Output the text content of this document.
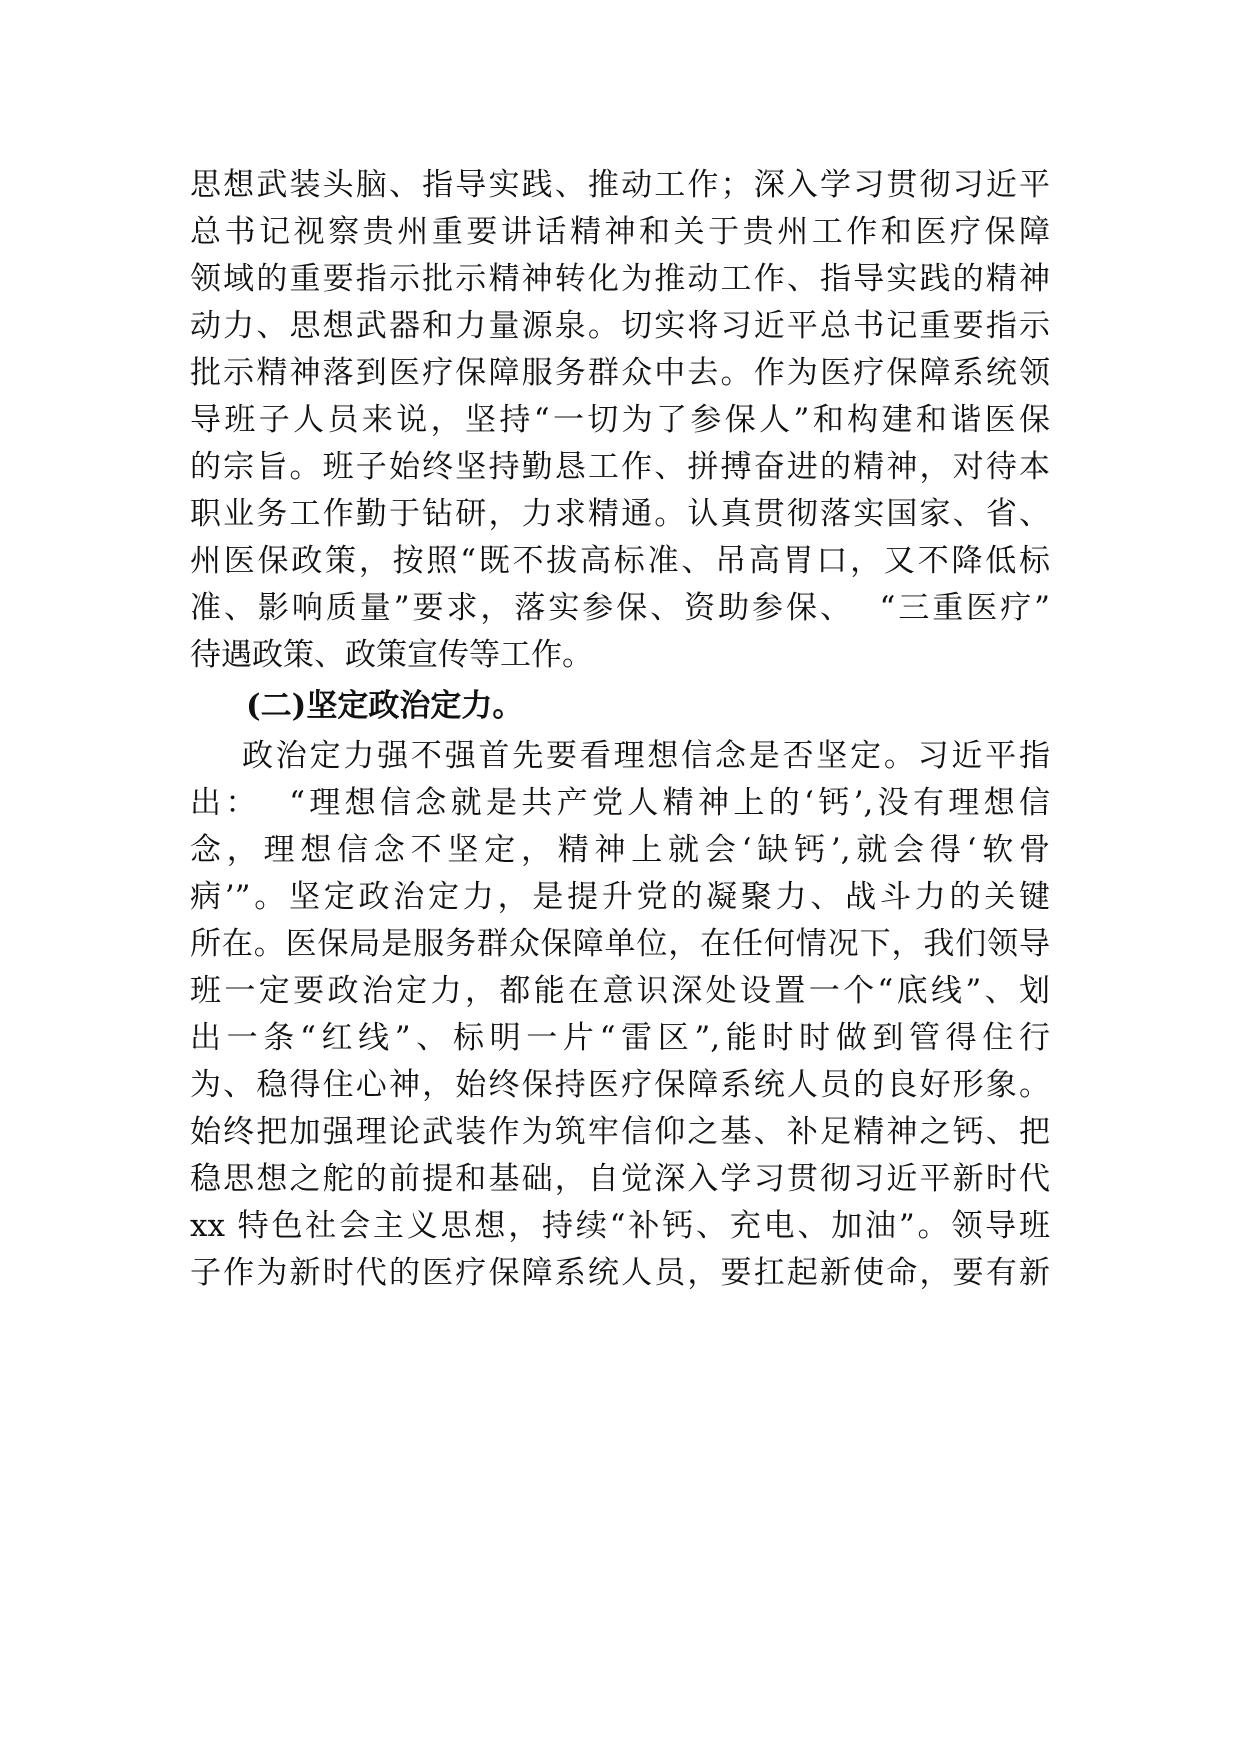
思想武装头脑、指导实践、推动工作；深入学习贯彻习近平
总书记视察贵州重要讲话精神和关于贵州工作和医疗保障
领域的重要指示批示精神转化为推动工作、指导实践的精神
动力、思想武器和力量源泉。切实将习近平总书记重要指示
批示精神落到医疗保障服务群众中去。作为医疗保障系统领
导班子人员来说，坚持“一切为了参保人”和构建和谐医保
的宗旨。班子始终坚持勤恳工作、拼搏奋进的精神，对待本
职业务工作勤于钻研，力求精通。认真贯彻落实国家、省、
州医保政策，按照“既不拔高标准、吊高胃口，又不降低标
准、影响质量”要求，落实参保、资助参保、  “三重医疗”
待遇政策、政策宣传等工作。
(二)坚定政治定力。
政治定力强不强首先要看理想信念是否坚定。习近平指
出：  “理想信念就是共产党人精神上的‘钙’,没有理想信
念，理想信念不坚定，精神上就会‘缺钙’,就会得‘软骨
病’”。坚定政治定力，是提升党的凝聚力、战斗力的关键
所在。医保局是服务群众保障单位，在任何情况下，我们领导
班一定要政治定力，都能在意识深处设置一个“底线”、划
出一条“红线”、标明一片“雷区”,能时时做到管得住行
为、稳得住心神，始终保持医疗保障系统人员的良好形象。
始终把加强理论武装作为筑牢信仰之基、补足精神之钙、把
稳思想之舵的前提和基础，自觉深入学习贯彻习近平新时代
xx 特色社会主义思想，持续“补钙、充电、加油”。领导班
子作为新时代的医疗保障系统人员，要扛起新使命，要有新
